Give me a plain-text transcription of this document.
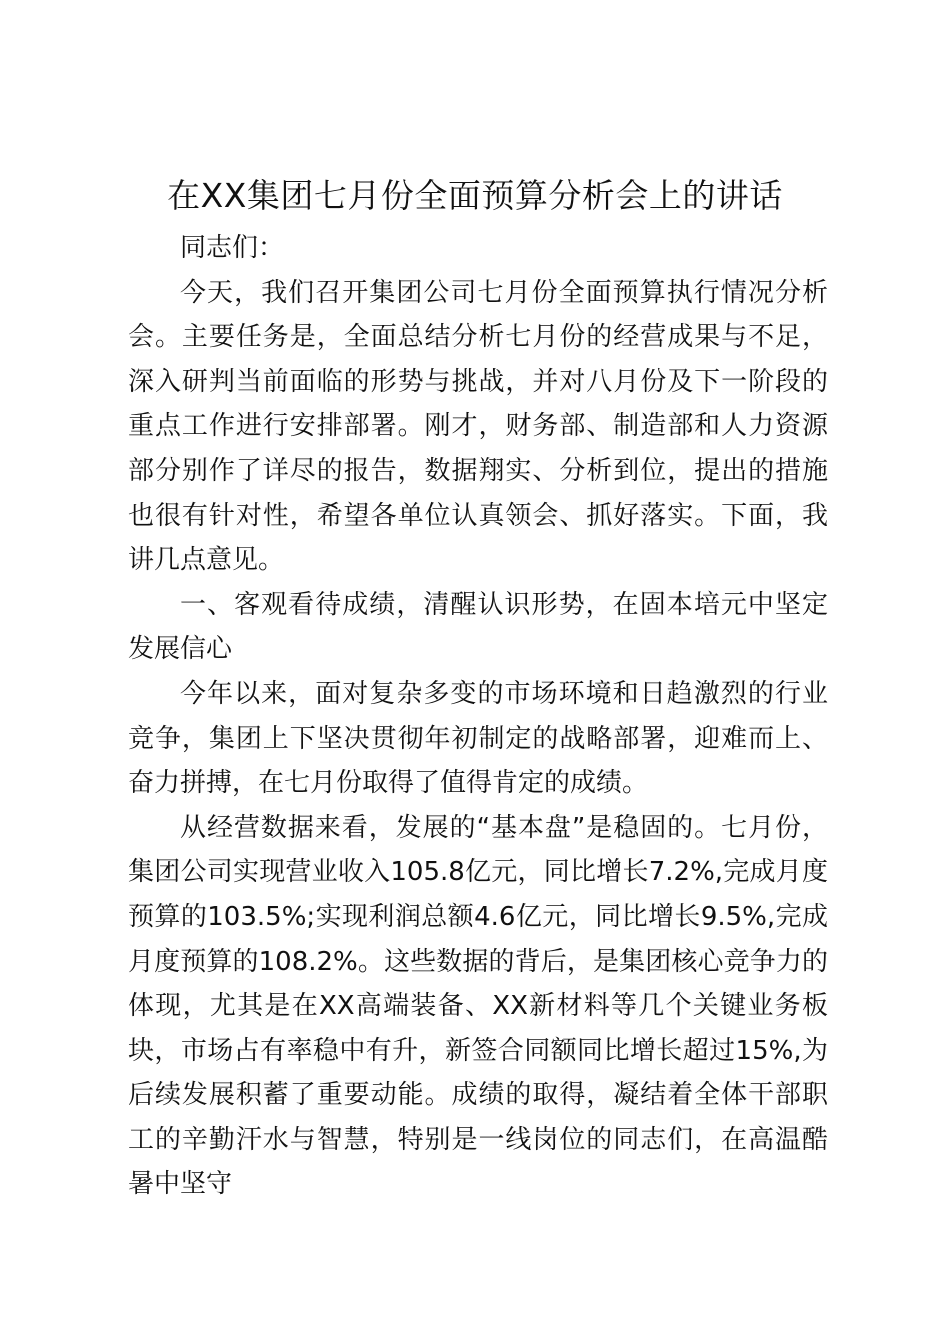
在XX集团七月份全面预算分析会上的讲话

同志们：

今天，我们召开集团公司七月份全面预算执行情况分析会。主要任务是，全面总结分析七月份的经营成果与不足，深入研判当前面临的形势与挑战，并对八月份及下一阶段的重点工作进行安排部署。刚才，财务部、制造部和人力资源部分别作了详尽的报告，数据翔实、分析到位，提出的措施也很有针对性，希望各单位认真领会、抓好落实。下面，我讲几点意见。

一、客观看待成绩，清醒认识形势，在固本培元中坚定发展信心

今年以来，面对复杂多变的市场环境和日趋激烈的行业竞争，集团上下坚决贯彻年初制定的战略部署，迎难而上、奋力拼搏，在七月份取得了值得肯定的成绩。

从经营数据来看，发展的“基本盘”是稳固的。七月份，集团公司实现营业收入105.8亿元，同比增长7.2%,完成月度预算的103.5%;实现利润总额4.6亿元，同比增长9.5%,完成月度预算的108.2%。这些数据的背后，是集团核心竞争力的体现，尤其是在XX高端装备、XX新材料等几个关键业务板块，市场占有率稳中有升，新签合同额同比增长超过15%,为后续发展积蓄了重要动能。成绩的取得，凝结着全体干部职工的辛勤汗水与智慧，特别是一线岗位的同志们，在高温酷暑中坚守
